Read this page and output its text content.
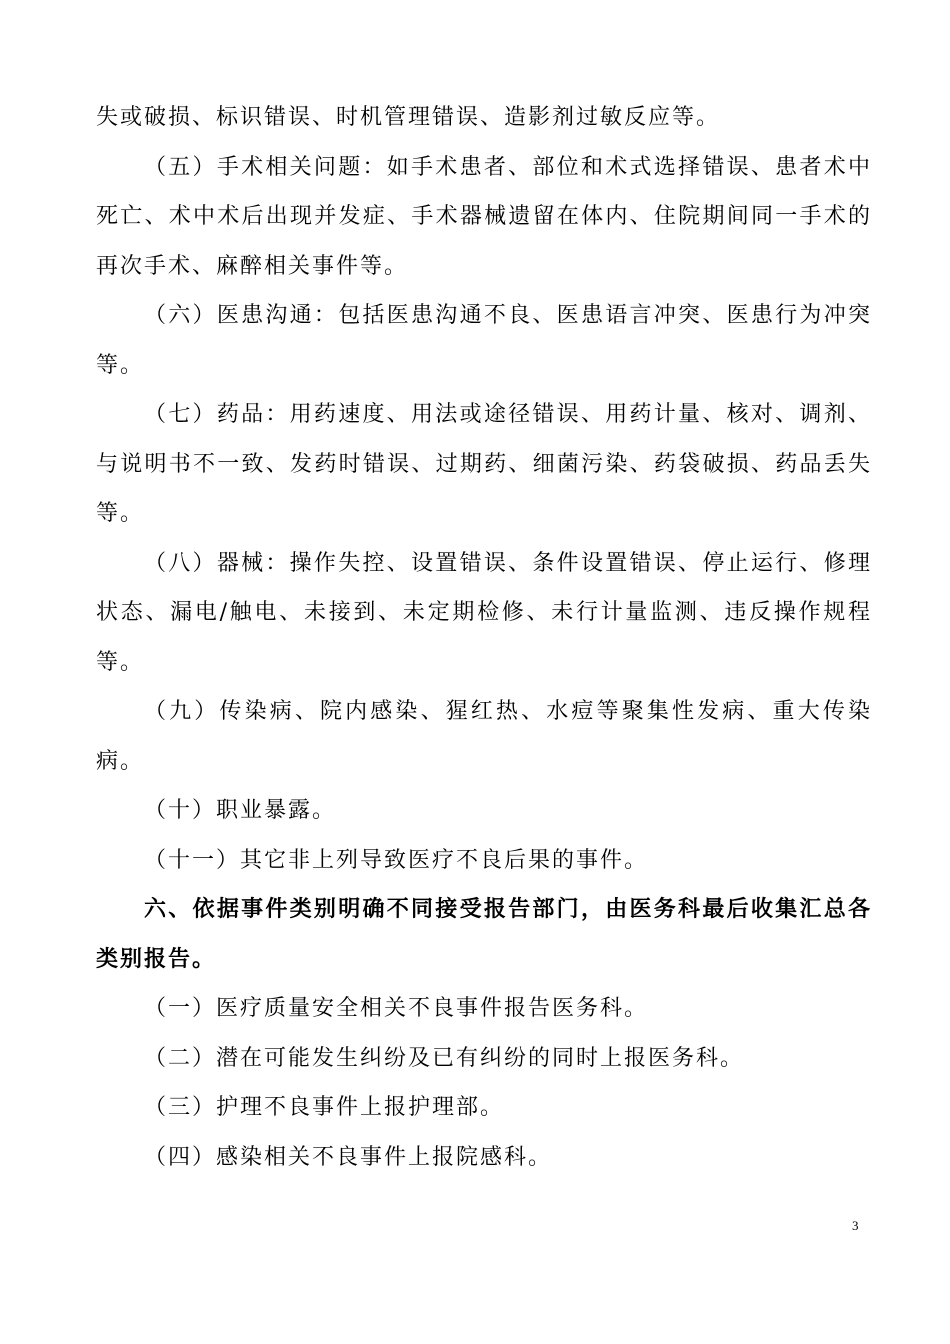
失或破损、标识错误、时机管理错误、造影剂过敏反应等。

（五）手术相关问题：如手术患者、部位和术式选择错误、患者术中死亡、术中术后出现并发症、手术器械遗留在体内、住院期间同一手术的再次手术、麻醉相关事件等。

（六）医患沟通：包括医患沟通不良、医患语言冲突、医患行为冲突等。

（七）药品：用药速度、用法或途径错误、用药计量、核对、调剂、与说明书不一致、发药时错误、过期药、细菌污染、药袋破损、药品丢失等。

（八）器械：操作失控、设置错误、条件设置错误、停止运行、修理状态、漏电/触电、未接到、未定期检修、未行计量监测、违反操作规程等。

（九）传染病、院内感染、猩红热、水痘等聚集性发病、重大传染病。

（十）职业暴露。

（十一）其它非上列导致医疗不良后果的事件。

六、依据事件类别明确不同接受报告部门，由医务科最后收集汇总各类别报告。

（一）医疗质量安全相关不良事件报告医务科。

（二）潜在可能发生纠纷及已有纠纷的同时上报医务科。

（三）护理不良事件上报护理部。

（四）感染相关不良事件上报院感科。

3
